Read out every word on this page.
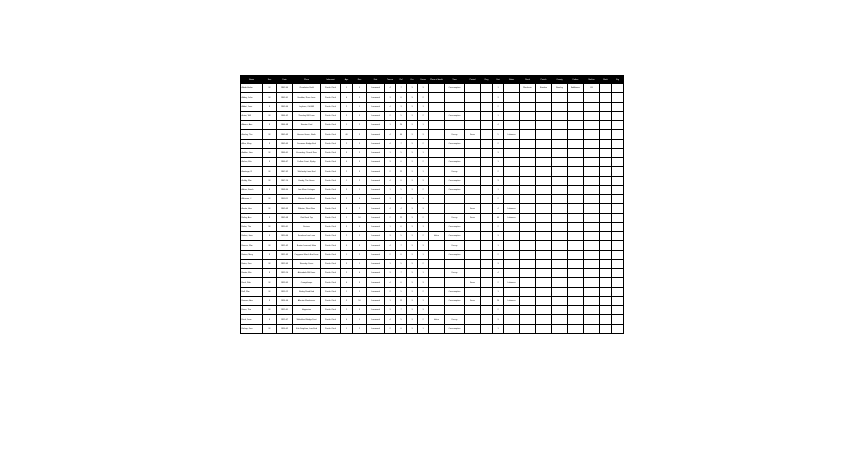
Name	Sex	Date	Place	Informant	Age	Res	Dist	Tenure	Rel	Occ	Cause	Place of death	Time	Period	Reg	Cert	Notes	Rank	Parish	County	Father	Mother	Mark	Sig
Ababchbalm	M	1842-04	Chamleton Field	Parish Clerk	1	3	Lowmond	4	7	3	3		Consumption			1		Mechanic	Bundon	Bourley	Addbourn	LB		
Abbey, John	M	1843-01	Haddon, Ross Lane	Parish Clerk	4	2	Lowmond	3	6	3	2					3								
Abbot, Jane	F	1843-06	Leyburn, Old Mill	Parish Clerk	2	1	Lowmond	4	3	3	1					2								
Acton, Will	M	1844-02	Thornley Mill Lane	Parish Clerk	3	3	Lowmond	2	5	3	2		Consumption			1								
Adams, Ann	F	1844-08	Stanton Yard	Parish Clerk	1	2	Lowmond	1	20	3	1					4								
Ainsley, Tho	M	1845-03	Harrow Green, North	Parish Clerk	40	3	Lowmond	4	40	3	3		Decay	Fever		5	Labourer							
Allen, Mary	F	1845-09	Dunmore Bridge End	Parish Clerk	2	5	Lowmond	4	7	3	2		Consumption			2								
Ambler, Geo	M	1846-01	Knaresby, Church Row	Parish Clerk	3	2	Lowmond	1	5	3	1					3								
Archer, Eliz	F	1846-07	Fallow Court, Ripley	Parish Clerk	4	3	Lowmond	3	6	3	2		Consumption			1								
Armitage, R	M	1847-02	Wetherby Lane End	Parish Clerk	2	3	Lowmond	2	22	3	1		Decay			2								
Ashby, Wm	M	1847-10	Haxby, The Green	Parish Clerk	1	2	Lowmond	4	6	3	3		Consumption			3								
Atkins, Sarah	F	1848-04	Low Moor Cottages	Parish Clerk	3	1	Lowmond	1	5	3	2		Consumption			1								
Atkinson, J	M	1848-11	Marton Field Head	Parish Clerk	2	4	Lowmond	3	7	3	1					2								
Austin, Hen	M	1849-03	Ribston, West Row	Parish Clerk	4	2	Lowmond	4	4	3	3			Fever		4	Labourer							
Bailey, Ann	F	1849-08	Clint Bank Top	Parish Clerk	1	10	Lowmond	2	22	3	2		Decay	Fever		40	Labourer							
Baker, Tho	M	1850-01	Scriven	Parish Clerk	3	3	Lowmond	1	6	3	1		Consumption			2								
Barker, Jane	F	1850-06	Farnham Low Lane	Parish Clerk	2	2	Lowmond	3	5	3	2	Infirm	Consumption			3								
Barnes, Wm	M	1851-02	Burton Leonard, Main	Parish Clerk	4	3	Lowmond	4	7	3	3		Decay			1								
Barton, Mary	F	1851-09	Copgrove Marsh End Lane	Parish Clerk	1	2	Lowmond	2	6	3	1		Consumption			2								
Bates, Geo	M	1852-03	Staveley Cross	Parish Clerk	3	1	Lowmond	1	5	3	2					3								
Baxter, Eliz	F	1852-10	Arkendale Mill Lane	Parish Clerk	2	4	Lowmond	3	7	3	1		Decay			4								
Beck, Rob	M	1853-05	Coneythorpe	Parish Clerk	4	3	Lowmond	4	6	3	3			Fever		2	Labourer							
Bell, Wm	M	1853-12	Flaxby Road End	Parish Clerk	1	2	Lowmond	2	5	3	2		Consumption			1								
Benson, Ann	F	1854-06	Allerton Mauleverer	Parish Clerk	3	10	Lowmond	1	12	3	1		Consumption	Fever		10	Labourer							
Binns, Tho	M	1855-01	Hopperton	Parish Clerk	2	3	Lowmond	3	7	3	3					2								
Birch, Jane	F	1855-07	Walshford Bridge Foot	Parish Clerk	4	1	Lowmond	4	5	3	2	Infirm	Decay			3								
Bishop, Geo	M	1856-02	Kirk Deighton, Low End	Parish Clerk	1	2	Lowmond	2	6	3	1		Consumption			1								
